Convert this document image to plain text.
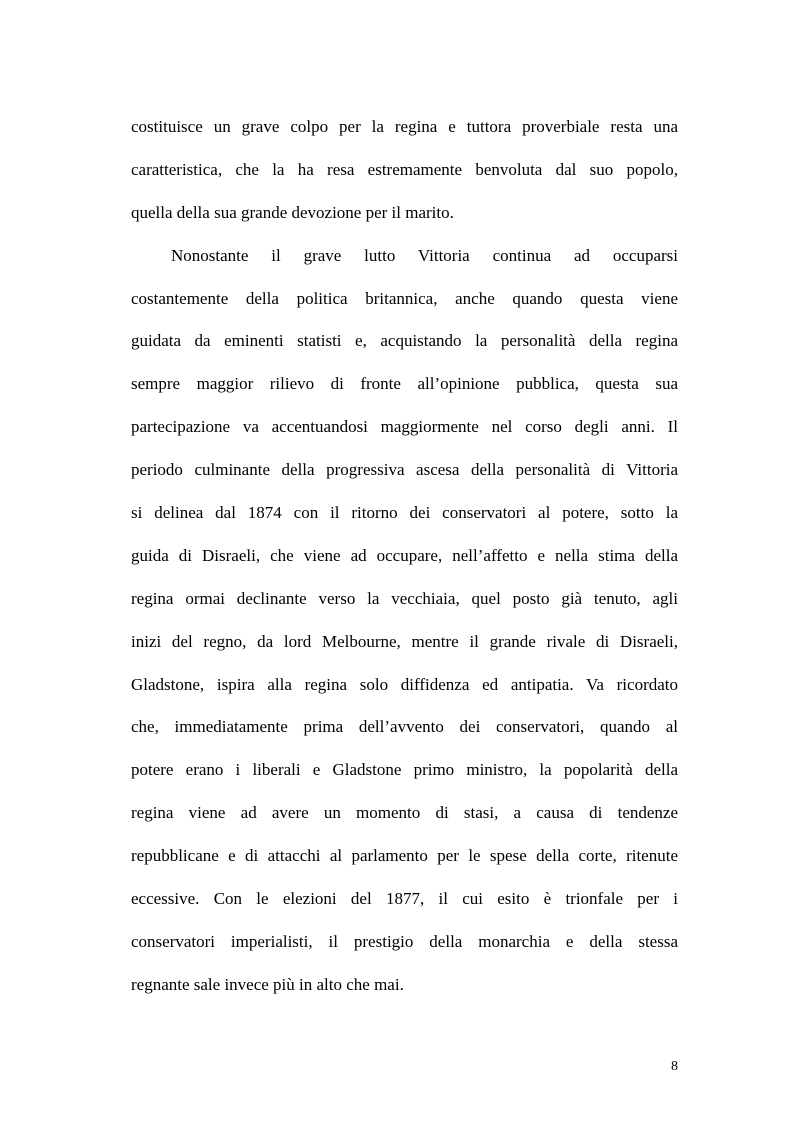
costituisce un grave colpo per la regina e tuttora proverbiale resta una
caratteristica, che la ha resa estremamente benvoluta dal suo popolo,
quella della sua grande devozione per il marito.
Nonostante il grave lutto Vittoria continua ad occuparsi
costantemente della politica britannica, anche quando questa viene
guidata da eminenti statisti e, acquistando la personalità della regina
sempre maggior rilievo di fronte all’opinione pubblica, questa sua
partecipazione va accentuandosi maggiormente nel corso degli anni. Il
periodo culminante della progressiva ascesa della personalità di Vittoria
si delinea dal 1874 con il ritorno dei conservatori al potere, sotto la
guida di Disraeli, che viene ad occupare, nell’affetto e nella stima della
regina ormai declinante verso la vecchiaia, quel posto già tenuto, agli
inizi del regno, da lord Melbourne, mentre il grande rivale di Disraeli,
Gladstone, ispira alla regina solo diffidenza ed antipatia. Va ricordato
che, immediatamente prima dell’avvento dei conservatori, quando al
potere erano i liberali e Gladstone primo ministro, la popolarità della
regina viene ad avere un momento di stasi, a causa di tendenze
repubblicane e di attacchi al parlamento per le spese della corte, ritenute
eccessive. Con le elezioni del 1877, il cui esito è trionfale per i
conservatori imperialisti, il prestigio della monarchia e della stessa
regnante sale invece più in alto che mai.
8
